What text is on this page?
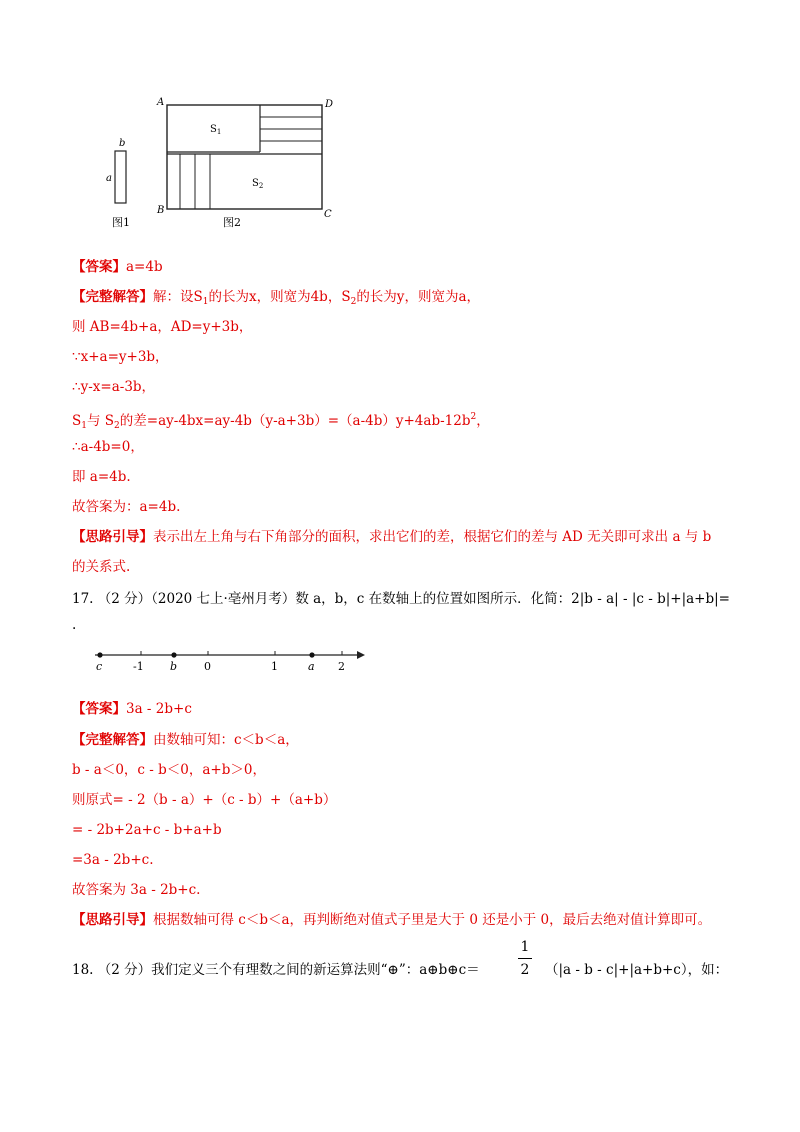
b
a
图1
A	D
B	C
$S_1$
$S_2$
图2
【答案】a=4b
【完整解答】解：设$S_1$的长为x，则宽为4b，$S_2$的长为y，则宽为a，
则 AB=4b+a，AD=y+3b，
∵x+a=y+3b，
∴y-x=a-3b，
$S_1$与 $S_2$的差$=ay-4bx=ay-4b(y-a+3b)=(a-4b)y+4ab-12b^2$，
∴a-4b=0，
即 a=4b.
故答案为：a=4b.
【思路引导】表示出左上角与右下角部分的面积，求出它们的差，根据它们的差与 AD 无关即可求出 a 与 b
的关系式.
17. （2 分）（2020 七上·亳州月考）数 a，b，c 在数轴上的位置如图所示．化简：2|b - a| - |c - b|+|a+b|=
.
c	-1 b 0	1	a 2
【答案】3a - 2b+c
【完整解答】由数轴可知：c＜b＜a，
b - a＜0，c - b＜0，a+b＞0，
则原式= - 2（b - a）+（c - b）+（a+b）
= - 2b+2a+c - b+a+b
=3a - 2b+c.
故答案为 3a - 2b+c.
【思路引导】根据数轴可得 c＜b＜a，再判断绝对值式子里是大于 0 还是小于 0，最后去绝对值计算即可。
18. （2 分）我们定义三个有理数之间的新运算法则“⊕”：a⊕b⊕c＝
1
2 （|a - b - c|+|a+b+c），如：
